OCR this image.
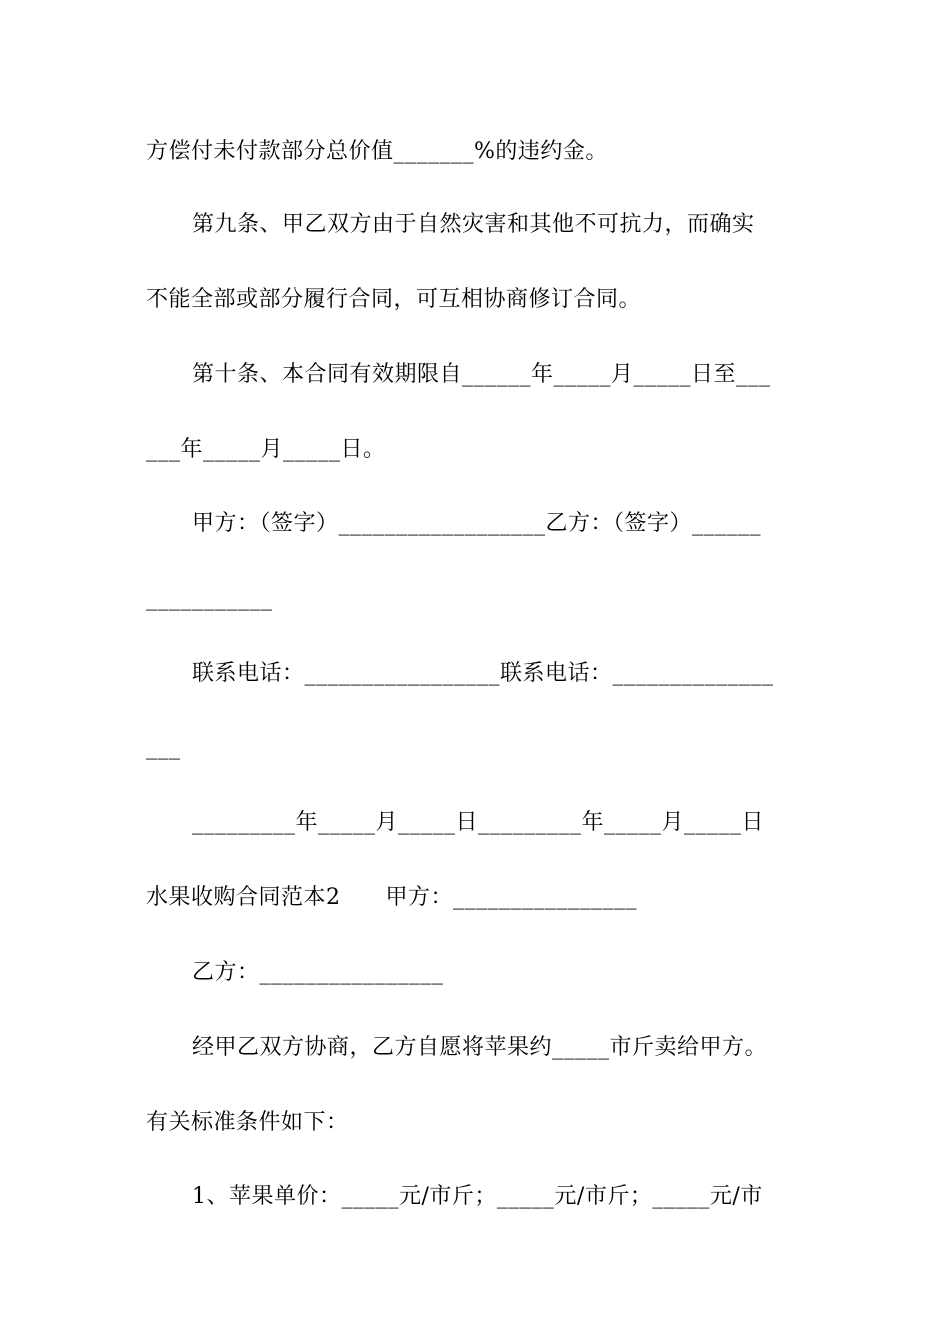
方偿付未付款部分总价值_______%的违约金。
第九条、甲乙双方由于自然灾害和其他不可抗力，而确实
不能全部或部分履行合同，可互相协商修订合同。
第十条、本合同有效期限自______年_____月_____日至___
___年_____月_____日。
甲方：（签字）__________________乙方：（签字）______
___________
联系电话：_________________联系电话：______________
___
_________年_____月_____日_________年_____月_____日
水果收购合同范本2　　甲方：________________
乙方：________________
经甲乙双方协商，乙方自愿将苹果约_____市斤卖给甲方。
有关标准条件如下：
1、苹果单价：_____元/市斤；_____元/市斤；_____元/市
